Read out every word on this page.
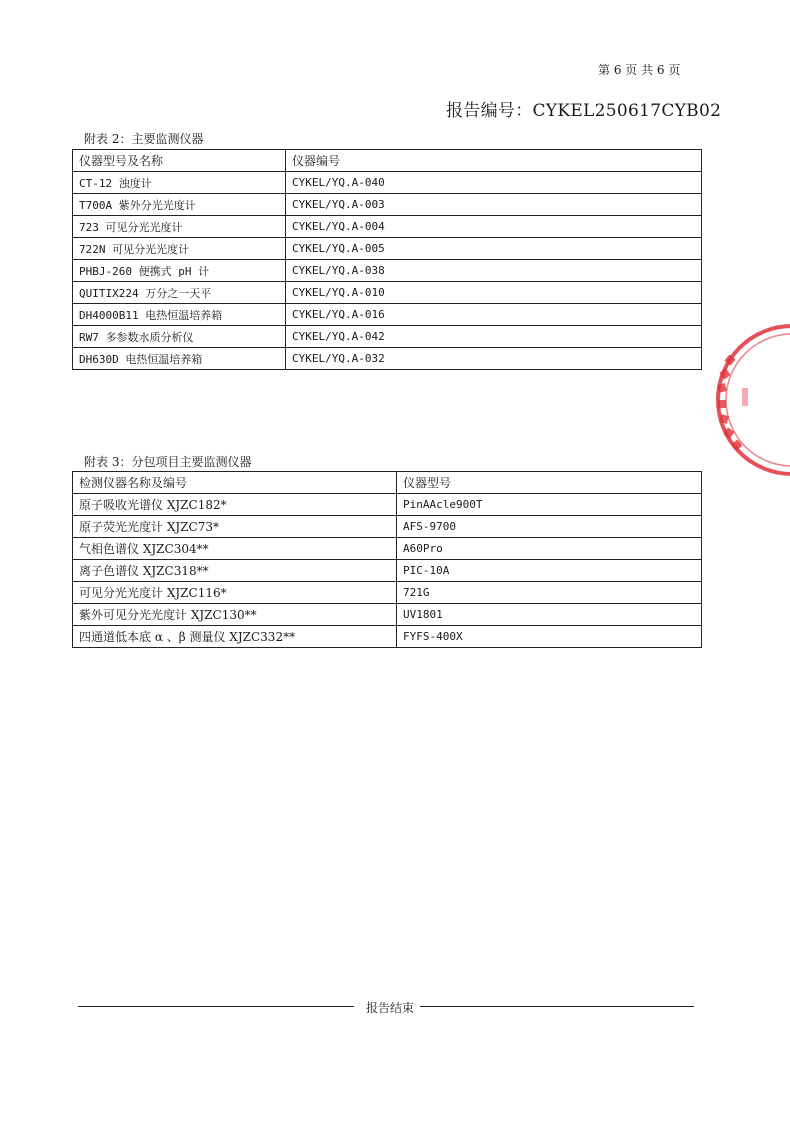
第 6 页 共 6 页
报告编号：CYKEL250617CYB02
附表 2：主要监测仪器
仪器型号及名称	仪器编号
CT-12 浊度计	CYKEL/YQ.A-040
T700A 紫外分光光度计	CYKEL/YQ.A-003
723 可见分光光度计	CYKEL/YQ.A-004
722N 可见分光光度计	CYKEL/YQ.A-005
PHBJ-260 便携式 pH 计	CYKEL/YQ.A-038
QUITIX224 万分之一天平	CYKEL/YQ.A-010
DH4000B11 电热恒温培养箱	CYKEL/YQ.A-016
RW7 多参数水质分析仪	CYKEL/YQ.A-042
DH630D 电热恒温培养箱	CYKEL/YQ.A-032
附表 3：分包项目主要监测仪器
检测仪器名称及编号	仪器型号
原子吸收光谱仪 XJZC182*	PinAAcle900T
原子荧光光度计 XJZC73*	AFS-9700
气相色谱仪 XJZC304**	A60Pro
离子色谱仪 XJZC318**	PIC-10A
可见分光光度计 XJZC116*	721G
紫外可见分光光度计 XJZC130**	UV1801
四通道低本底 α 、β 测量仪 XJZC332**	FYFS-400X
报告结束
